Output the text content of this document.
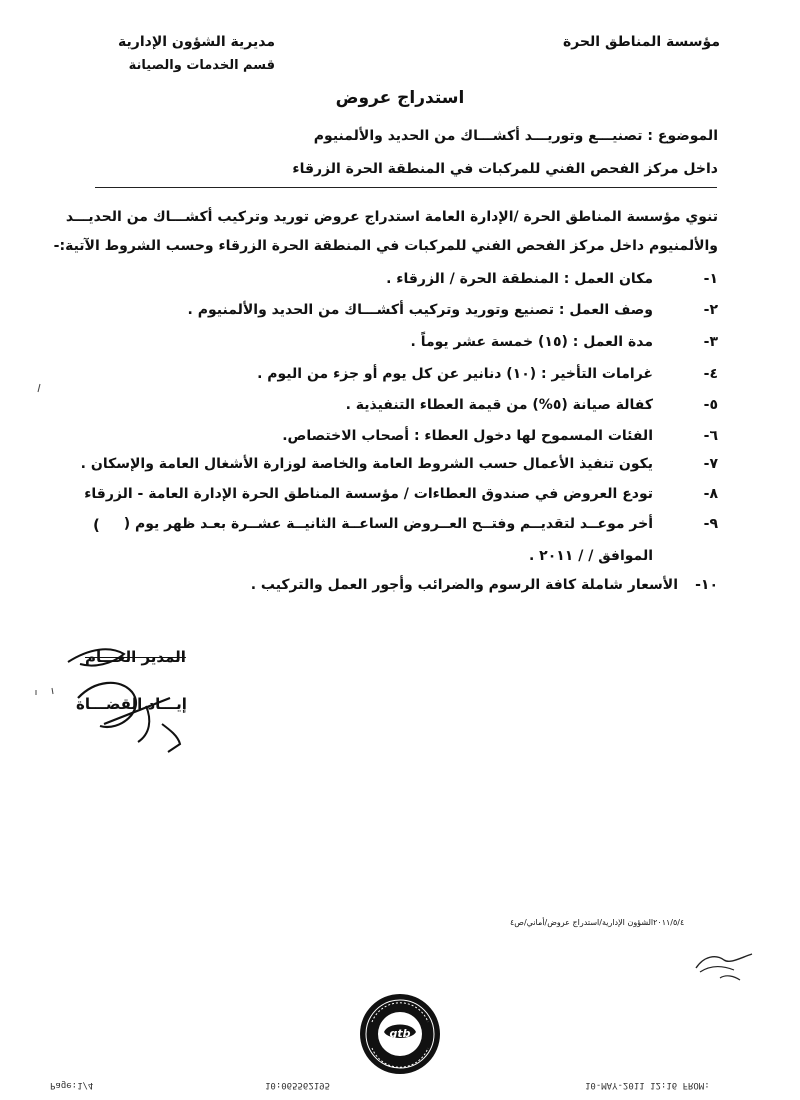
مؤسسة المناطق الحرة
مديرية الشؤون الإدارية
قسم الخدمات والصيانة
استدراج عروض
الموضوع : تصنيـــع وتوريـــد أكشـــاك من الحديد والألمنيوم
داخل مركز الفحص الفني للمركبات في المنطقة الحرة الزرقاء
تنوي مؤسسة المناطق الحرة /الإدارة العامة استدراج عروض توريد وتركيب أكشـــاك من الحديـــد
والألمنيوم داخل مركز الفحص الفني للمركبات في المنطقة الحرة الزرقاء وحسب الشروط الآتية:-
١-مكان العمل : المنطقة الحرة / الزرقاء .
٢-وصف العمل : تصنيع وتوريد وتركيب أكشـــاك من الحديد والألمنيوم .
٣-مدة العمل : (١٥) خمسة عشر يوماً .
٤-غرامات التأخير : (١٠) دنانير عن كل يوم أو جزء من اليوم .
٥-كفالة صيانة (٥%) من قيمة العطاء التنفيذية .
٦-الفئات المسموح لها دخول العطاء : أصحاب الاختصاص.
٧-يكون تنفيذ الأعمال حسب الشروط العامة والخاصة لوزارة الأشغال العامة والإسكان .
٨-تودع العروض في صندوق العطاءات / مؤسسة المناطق الحرة الإدارة العامة - الزرقاء
٩-أخر موعــد لتقديــم وفتــح العــروض الساعــة الثانيــة عشــرة بعـد ظهر يوم (
)
الموافق / / ٢٠١١ .
١٠-الأسعار شاملة كافة الرسوم والضرائب وأجور العمل والتركيب .
المدير العـــام
إيـــاد القضـــاة
٢٠١١/٥/٤الشؤون الإدارية/استدراج عروض/أماني/ص٤
gtb
Page:1/4	10:065562195	10-MAY-2011 12:16 FROM:
